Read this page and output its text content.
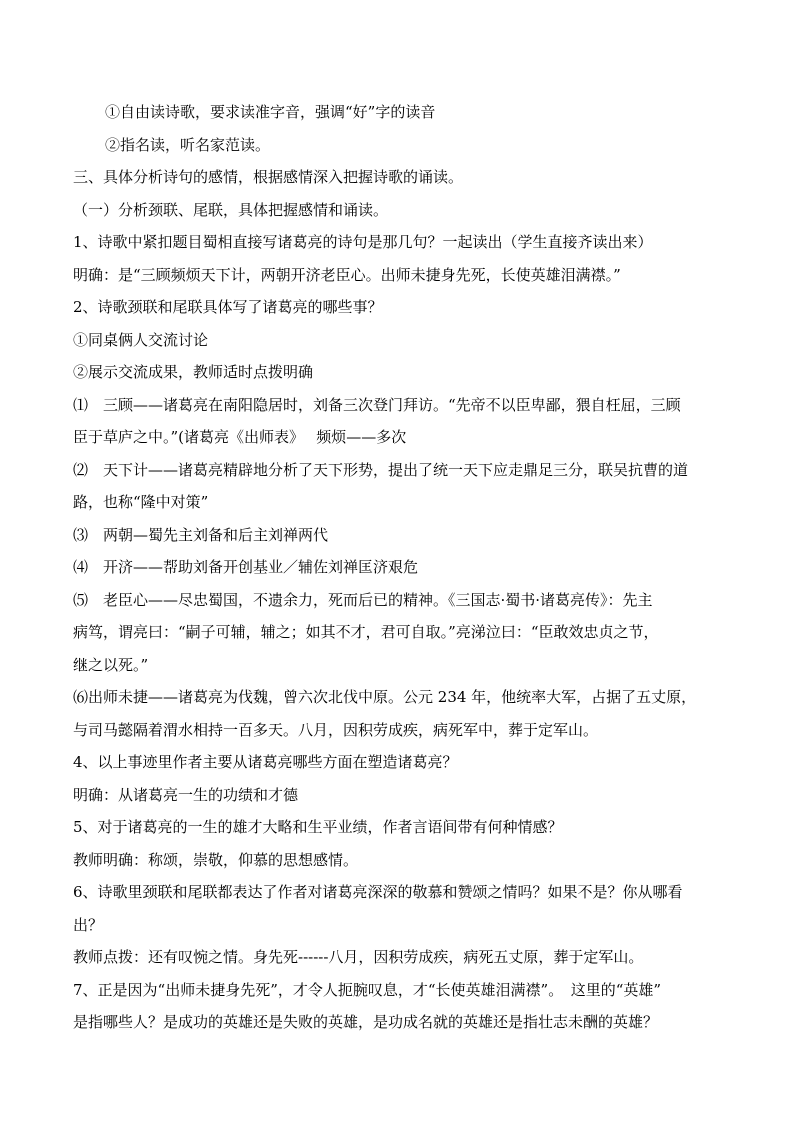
①自由读诗歌，要求读准字音，强调“好”字的读音
②指名读，听名家范读。
三、具体分析诗句的感情，根据感情深入把握诗歌的诵读。
（一）分析颈联、尾联，具体把握感情和诵读。
1、诗歌中紧扣题目蜀相直接写诸葛亮的诗句是那几句？一起读出（学生直接齐读出来）
明确：是“三顾频烦天下计，两朝开济老臣心。出师未捷身先死，长使英雄泪满襟。”
2、诗歌颈联和尾联具体写了诸葛亮的哪些事？
①同桌俩人交流讨论
②展示交流成果，教师适时点拨明确
⑴　三顾——诸葛亮在南阳隐居时，刘备三次登门拜访。“先帝不以臣卑鄙，猥自枉屈，三顾
臣于草庐之中。”(诸葛亮《出师表》　 频烦——多次
⑵　天下计——诸葛亮精辟地分析了天下形势，提出了统一天下应走鼎足三分，联吴抗曹的道
路，也称“隆中对策”
⑶　两朝—蜀先主刘备和后主刘禅两代
⑷　开济——帮助刘备开创基业／辅佐刘禅匡济艰危
⑸　老臣心——尽忠蜀国，不遗余力，死而后已的精神。《三国志·蜀书·诸葛亮传》：先主
病笃，谓亮曰：“嗣子可辅，辅之；如其不才，君可自取。”亮涕泣曰：“臣敢效忠贞之节，
继之以死。”
⑹出师未捷——诸葛亮为伐魏，曾六次北伐中原。公元 234 年，他统率大军，占据了五丈原，
与司马懿隔着渭水相持一百多天。八月，因积劳成疾，病死军中，葬于定军山。
4、以上事迹里作者主要从诸葛亮哪些方面在塑造诸葛亮？
明确：从诸葛亮一生的功绩和才德
5、对于诸葛亮的一生的雄才大略和生平业绩，作者言语间带有何种情感？
教师明确：称颂，崇敬，仰慕的思想感情。
6、诗歌里颈联和尾联都表达了作者对诸葛亮深深的敬慕和赞颂之情吗？如果不是？你从哪看
出？
教师点拨：还有叹惋之情。身先死------八月，因积劳成疾，病死五丈原，葬于定军山。
7、正是因为“出师未捷身先死”，才令人扼腕叹息，才“长使英雄泪满襟”。　这里的“英雄”
是指哪些人？是成功的英雄还是失败的英雄，是功成名就的英雄还是指壮志未酬的英雄？
